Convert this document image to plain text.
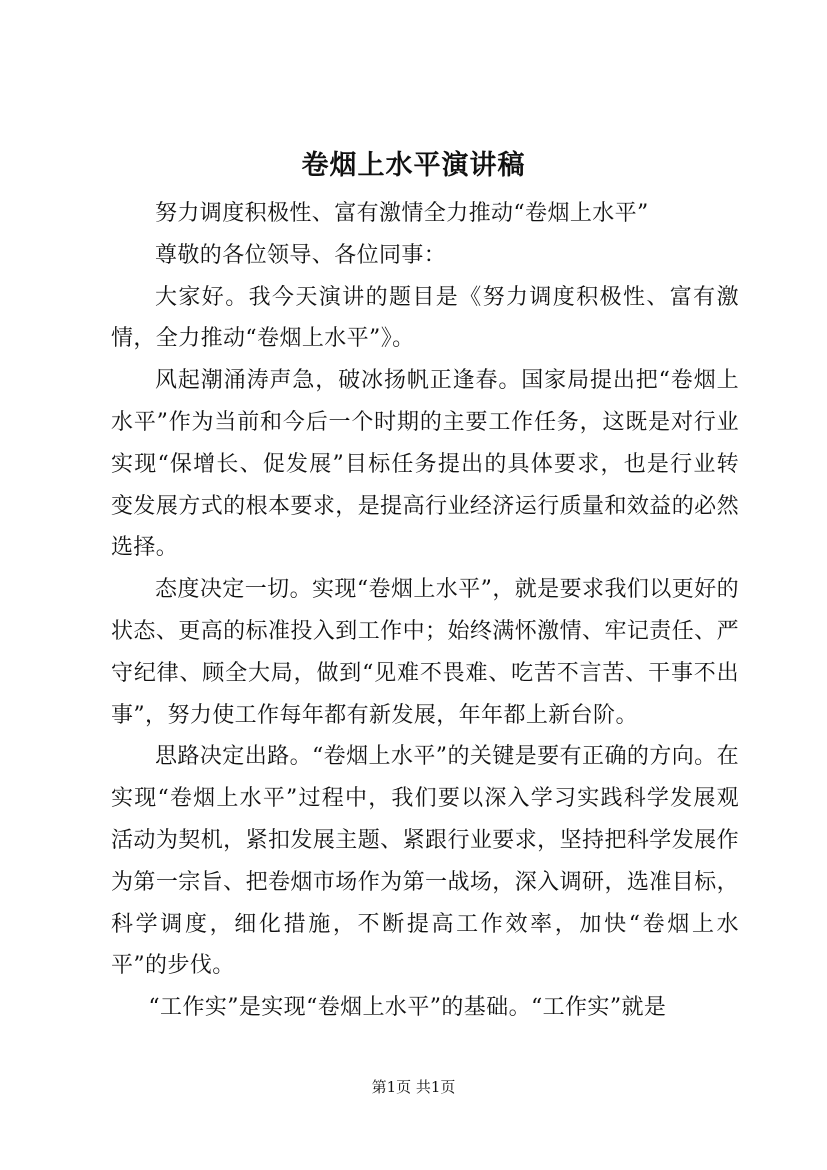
卷烟上水平演讲稿

努力调度积极性、富有激情全力推动“卷烟上水平”

尊敬的各位领导、各位同事：

大家好。我今天演讲的题目是《努力调度积极性、富有激情，全力推动“卷烟上水平”》。

风起潮涌涛声急，破冰扬帆正逢春。国家局提出把“卷烟上水平”作为当前和今后一个时期的主要工作任务，这既是对行业实现“保增长、促发展”目标任务提出的具体要求，也是行业转变发展方式的根本要求，是提高行业经济运行质量和效益的必然选择。

态度决定一切。实现“卷烟上水平”，就是要求我们以更好的状态、更高的标准投入到工作中；始终满怀激情、牢记责任、严守纪律、顾全大局，做到“见难不畏难、吃苦不言苦、干事不出事”，努力使工作每年都有新发展，年年都上新台阶。

思路决定出路。“卷烟上水平”的关键是要有正确的方向。在实现“卷烟上水平”过程中，我们要以深入学习实践科学发展观活动为契机，紧扣发展主题、紧跟行业要求，坚持把科学发展作为第一宗旨、把卷烟市场作为第一战场，深入调研，选准目标，科学调度，细化措施，不断提高工作效率，加快“卷烟上水平”的步伐。

“工作实”是实现“卷烟上水平”的基础。“工作实”就是

第1页 共1页
